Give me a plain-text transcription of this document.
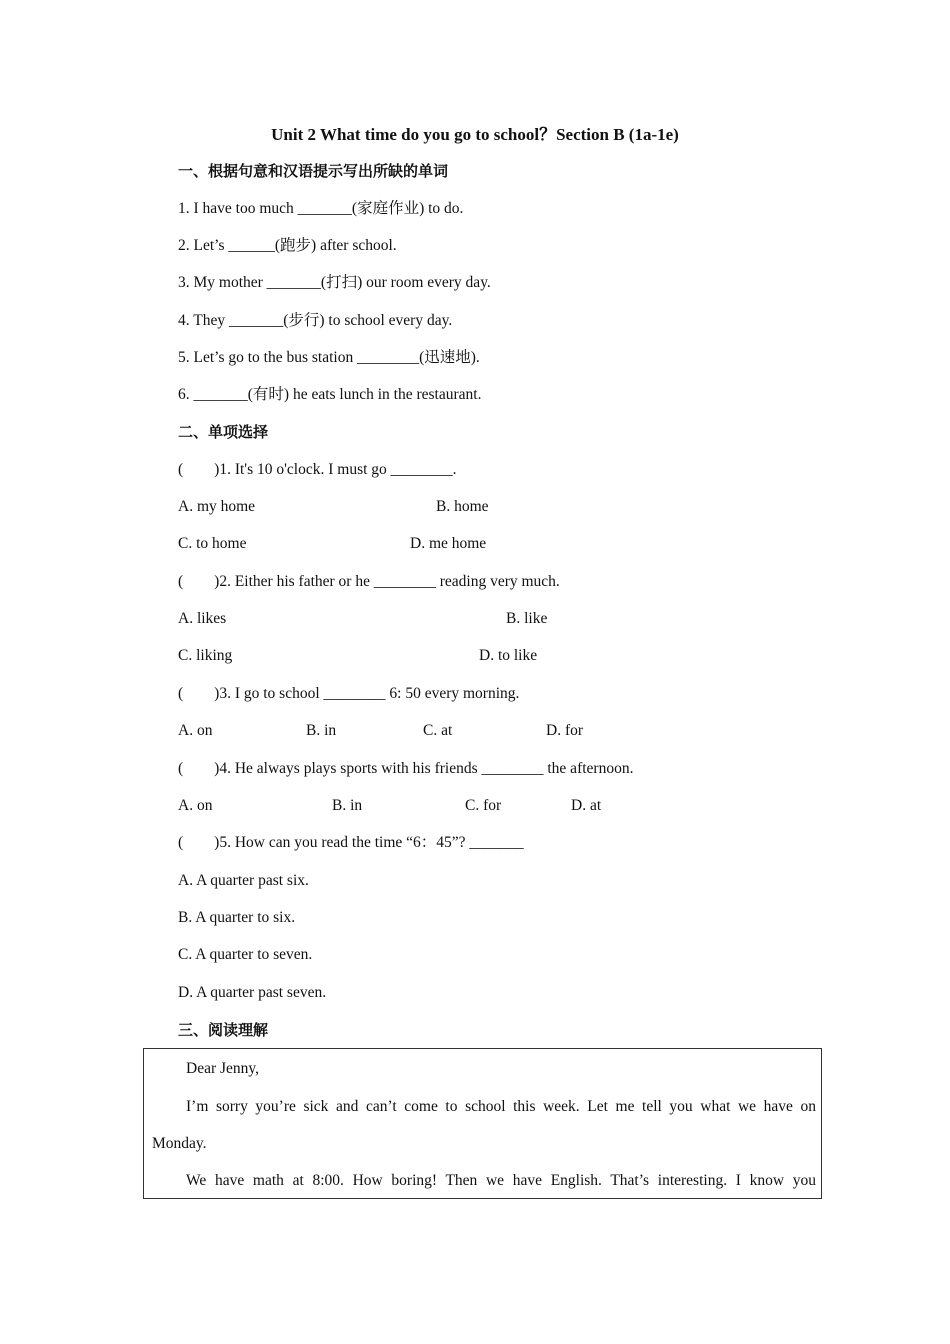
Unit 2 What time do you go to school？Section B (1a-1e)
一、根据句意和汉语提示写出所缺的单词
1. I have too much _______(家庭作业) to do.
2. Let’s ______(跑步) after school.
3. My mother _______(打扫) our room every day.
4. They _______(步行) to school every day.
5. Let’s go to the bus station ________(迅速地).
6. _______(有时) he eats lunch in the restaurant.
二、单项选择
(　　)1. It's 10 o'clock. I must go ________.
A. my home	B. home
C. to home	D. me home
(　　)2. Either his father or he ________ reading very much.
A. likes	B. like
C. liking	D. to like
(　　)3. I go to school ________ 6: 50 every morning.
A. on	B. in	C. at	D. for
(　　)4. He always plays sports with his friends ________ the afternoon.
A. on	B. in	C. for	D. at
(　　)5. How can you read the time “6：45”? _______
A. A quarter past six.
B. A quarter to six.
C. A quarter to seven.
D. A quarter past seven.
三、阅读理解
Dear Jenny,
I’m sorry you’re sick and can’t come to school this week. Let me tell you what we have on
Monday.
We have math at 8:00. How boring! Then we have English. That’s interesting. I know you
